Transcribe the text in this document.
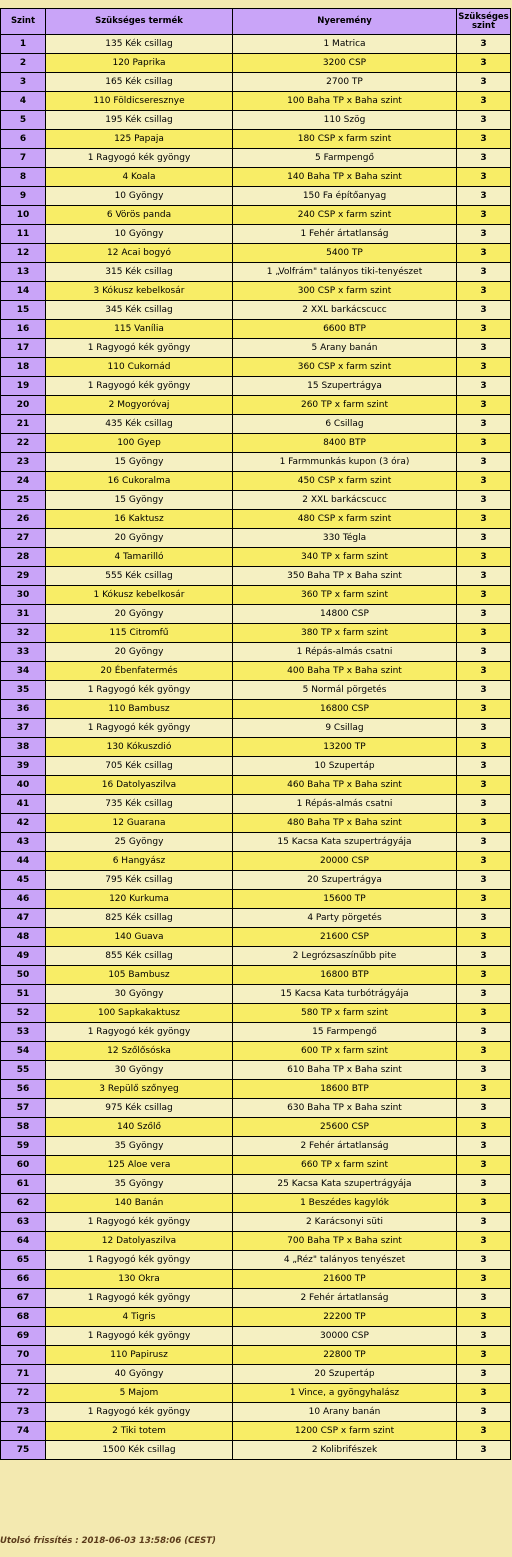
Szint	Szükséges termék	Nyeremény	Szükséges
szint
1	135 Kék csillag	1 Matrica	3
2	120 Paprika	3200 CSP	3
3	165 Kék csillag	2700 TP	3
4	110 Földicseresznye	100 Baha TP x Baha szint	3
5	195 Kék csillag	110 Szög	3
6	125 Papaja	180 CSP x farm szint	3
7	1 Ragyogó kék gyöngy	5 Farmpengő	3
8	4 Koala	140 Baha TP x Baha szint	3
9	10 Gyöngy	150 Fa építőanyag	3
10	6 Vörös panda	240 CSP x farm szint	3
11	10 Gyöngy	1 Fehér ártatlanság	3
12	12 Acai bogyó	5400 TP	3
13	315 Kék csillag	1 „Volfrám" talányos tiki-tenyészet	3
14	3 Kókusz kebelkosár	300 CSP x farm szint	3
15	345 Kék csillag	2 XXL barkácscucc	3
16	115 Vanília	6600 BTP	3
17	1 Ragyogó kék gyöngy	5 Arany banán	3
18	110 Cukornád	360 CSP x farm szint	3
19	1 Ragyogó kék gyöngy	15 Szupertrágya	3
20	2 Mogyoróvaj	260 TP x farm szint	3
21	435 Kék csillag	6 Csillag	3
22	100 Gyep	8400 BTP	3
23	15 Gyöngy	1 Farmmunkás kupon (3 óra)	3
24	16 Cukoralma	450 CSP x farm szint	3
25	15 Gyöngy	2 XXL barkácscucc	3
26	16 Kaktusz	480 CSP x farm szint	3
27	20 Gyöngy	330 Tégla	3
28	4 Tamarilló	340 TP x farm szint	3
29	555 Kék csillag	350 Baha TP x Baha szint	3
30	1 Kókusz kebelkosár	360 TP x farm szint	3
31	20 Gyöngy	14800 CSP	3
32	115 Citromfű	380 TP x farm szint	3
33	20 Gyöngy	1 Répás-almás csatni	3
34	20 Ébenfatermés	400 Baha TP x Baha szint	3
35	1 Ragyogó kék gyöngy	5 Normál pörgetés	3
36	110 Bambusz	16800 CSP	3
37	1 Ragyogó kék gyöngy	9 Csillag	3
38	130 Kókuszdió	13200 TP	3
39	705 Kék csillag	10 Szupertáp	3
40	16 Datolyaszilva	460 Baha TP x Baha szint	3
41	735 Kék csillag	1 Répás-almás csatni	3
42	12 Guarana	480 Baha TP x Baha szint	3
43	25 Gyöngy	15 Kacsa Kata szupertrágyája	3
44	6 Hangyász	20000 CSP	3
45	795 Kék csillag	20 Szupertrágya	3
46	120 Kurkuma	15600 TP	3
47	825 Kék csillag	4 Party pörgetés	3
48	140 Guava	21600 CSP	3
49	855 Kék csillag	2 Legrózsaszínűbb pite	3
50	105 Bambusz	16800 BTP	3
51	30 Gyöngy	15 Kacsa Kata turbótrágyája	3
52	100 Sapkakaktusz	580 TP x farm szint	3
53	1 Ragyogó kék gyöngy	15 Farmpengő	3
54	12 Szőlősóska	600 TP x farm szint	3
55	30 Gyöngy	610 Baha TP x Baha szint	3
56	3 Repülő szőnyeg	18600 BTP	3
57	975 Kék csillag	630 Baha TP x Baha szint	3
58	140 Szőlő	25600 CSP	3
59	35 Gyöngy	2 Fehér ártatlanság	3
60	125 Aloe vera	660 TP x farm szint	3
61	35 Gyöngy	25 Kacsa Kata szupertrágyája	3
62	140 Banán	1 Beszédes kagylók	3
63	1 Ragyogó kék gyöngy	2 Karácsonyi süti	3
64	12 Datolyaszilva	700 Baha TP x Baha szint	3
65	1 Ragyogó kék gyöngy	4 „Réz" talányos tenyészet	3
66	130 Okra	21600 TP	3
67	1 Ragyogó kék gyöngy	2 Fehér ártatlanság	3
68	4 Tigris	22200 TP	3
69	1 Ragyogó kék gyöngy	30000 CSP	3
70	110 Papirusz	22800 TP	3
71	40 Gyöngy	20 Szupertáp	3
72	5 Majom	1 Vince, a gyöngyhalász	3
73	1 Ragyogó kék gyöngy	10 Arany banán	3
74	2 Tiki totem	1200 CSP x farm szint	3
75	1500 Kék csillag	2 Kolibrifészek	3
Utolsó frissítés : 2018-06-03 13:58:06 (CEST)
